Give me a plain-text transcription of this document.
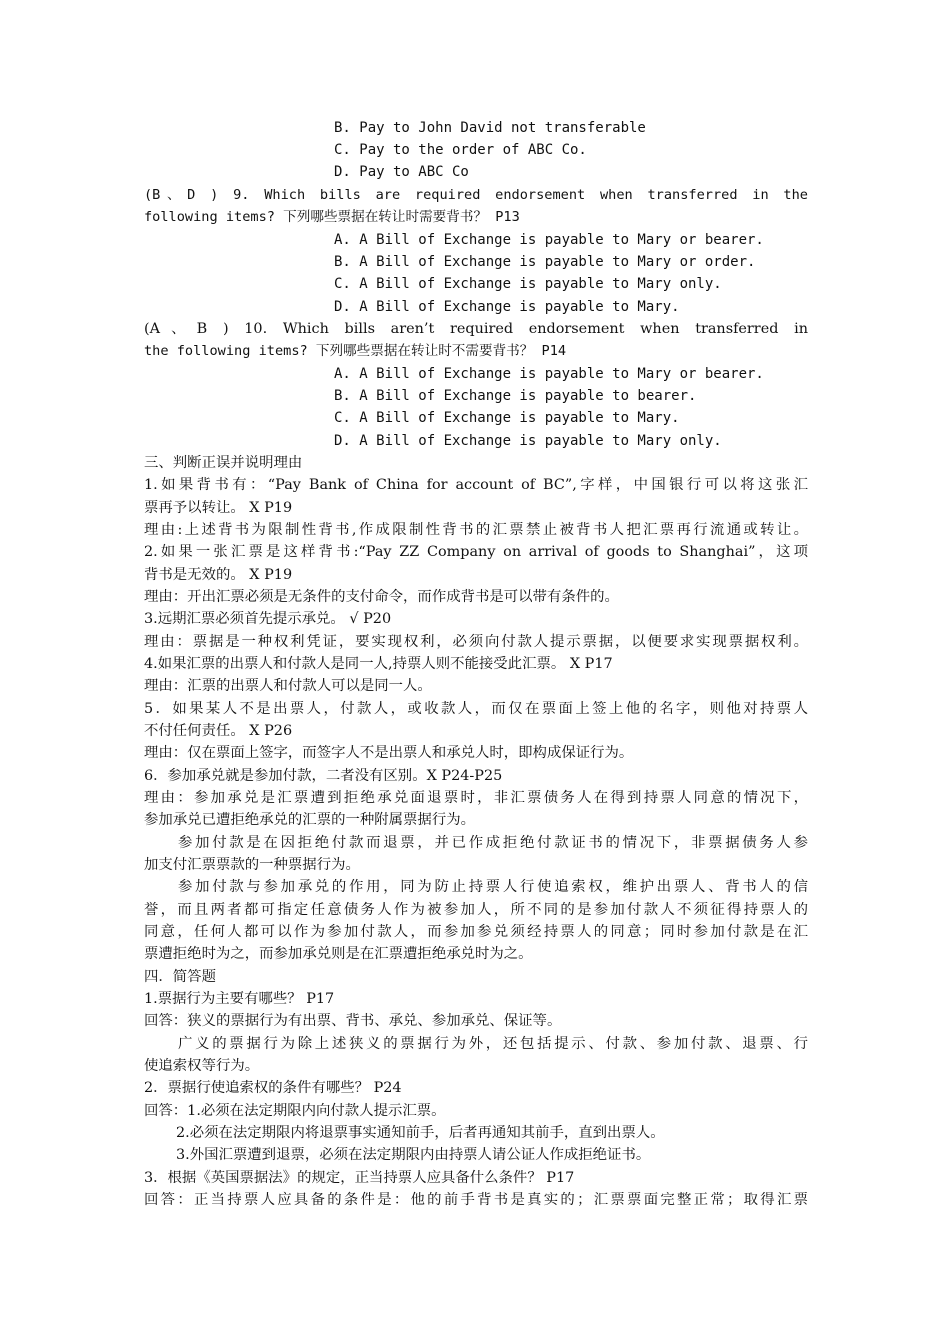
B. Pay to John David not transferable
C. Pay to the order of ABC Co.
D. Pay to ABC Co
(B、D ) 9. Which bills are required endorsement when transferred in the
following items? 下列哪些票据在转让时需要背书？ P13
A. A Bill of Exchange is payable to Mary or bearer.
B. A Bill of Exchange is payable to Mary or order.
C. A Bill of Exchange is payable to Mary only.
D. A Bill of Exchange is payable to Mary.
(A、B ) 10. Which bills aren’t required endorsement when transferred in
the following items? 下列哪些票据在转让时不需要背书？ P14
A. A Bill of Exchange is payable to Mary or bearer.
B. A Bill of Exchange is payable to bearer.
C. A Bill of Exchange is payable to Mary.
D. A Bill of Exchange is payable to Mary only.
三、判断正误并说明理由
1.如果背书有：“Pay Bank of China for account of BC”,字样，中国银行可以将这张汇
票再予以转让。 X P19
理由:上述背书为限制性背书,作成限制性背书的汇票禁止被背书人把汇票再行流通或转让。
2.如果一张汇票是这样背书:“Pay ZZ Company on arrival of goods to Shanghai”，这项
背书是无效的。 X P19
理由：开出汇票必须是无条件的支付命令，而作成背书是可以带有条件的。
3.远期汇票必须首先提示承兑。 √ P20
理由：票据是一种权利凭证，要实现权利，必须向付款人提示票据，以便要求实现票据权利。
4.如果汇票的出票人和付款人是同一人,持票人则不能接受此汇票。 X P17
理由：汇票的出票人和付款人可以是同一人。
5．如果某人不是出票人，付款人，或收款人，而仅在票面上签上他的名字，则他对持票人
不付任何责任。 X P26
理由：仅在票面上签字，而签字人不是出票人和承兑人时，即构成保证行为。
6．参加承兑就是参加付款，二者没有区别。X P24-P25
理由：参加承兑是汇票遭到拒绝承兑面退票时，非汇票债务人在得到持票人同意的情况下，
参加承兑已遭拒绝承兑的汇票的一种附属票据行为。
参加付款是在因拒绝付款而退票，并已作成拒绝付款证书的情况下，非票据债务人参
加支付汇票票款的一种票据行为。
参加付款与参加承兑的作用，同为防止持票人行使追索权，维护出票人、背书人的信
誉，而且两者都可指定任意债务人作为被参加人，所不同的是参加付款人不须征得持票人的
同意，任何人都可以作为参加付款人，而参加参兑须经持票人的同意；同时参加付款是在汇
票遭拒绝时为之，而参加承兑则是在汇票遭拒绝承兑时为之。
四．简答题
1.票据行为主要有哪些？ P17
回答：狭义的票据行为有出票、背书、承兑、参加承兑、保证等。
广义的票据行为除上述狭义的票据行为外，还包括提示、付款、参加付款、退票、行
使追索权等行为。
2．票据行使追索权的条件有哪些？ P24
回答：1.必须在法定期限内向付款人提示汇票。
2.必须在法定期限内将退票事实通知前手，后者再通知其前手，直到出票人。
3.外国汇票遭到退票，必须在法定期限内由持票人请公证人作成拒绝证书。
3．根据《英国票据法》的规定，正当持票人应具备什么条件？ P17
回答：正当持票人应具备的条件是：他的前手背书是真实的；汇票票面完整正常；取得汇票
